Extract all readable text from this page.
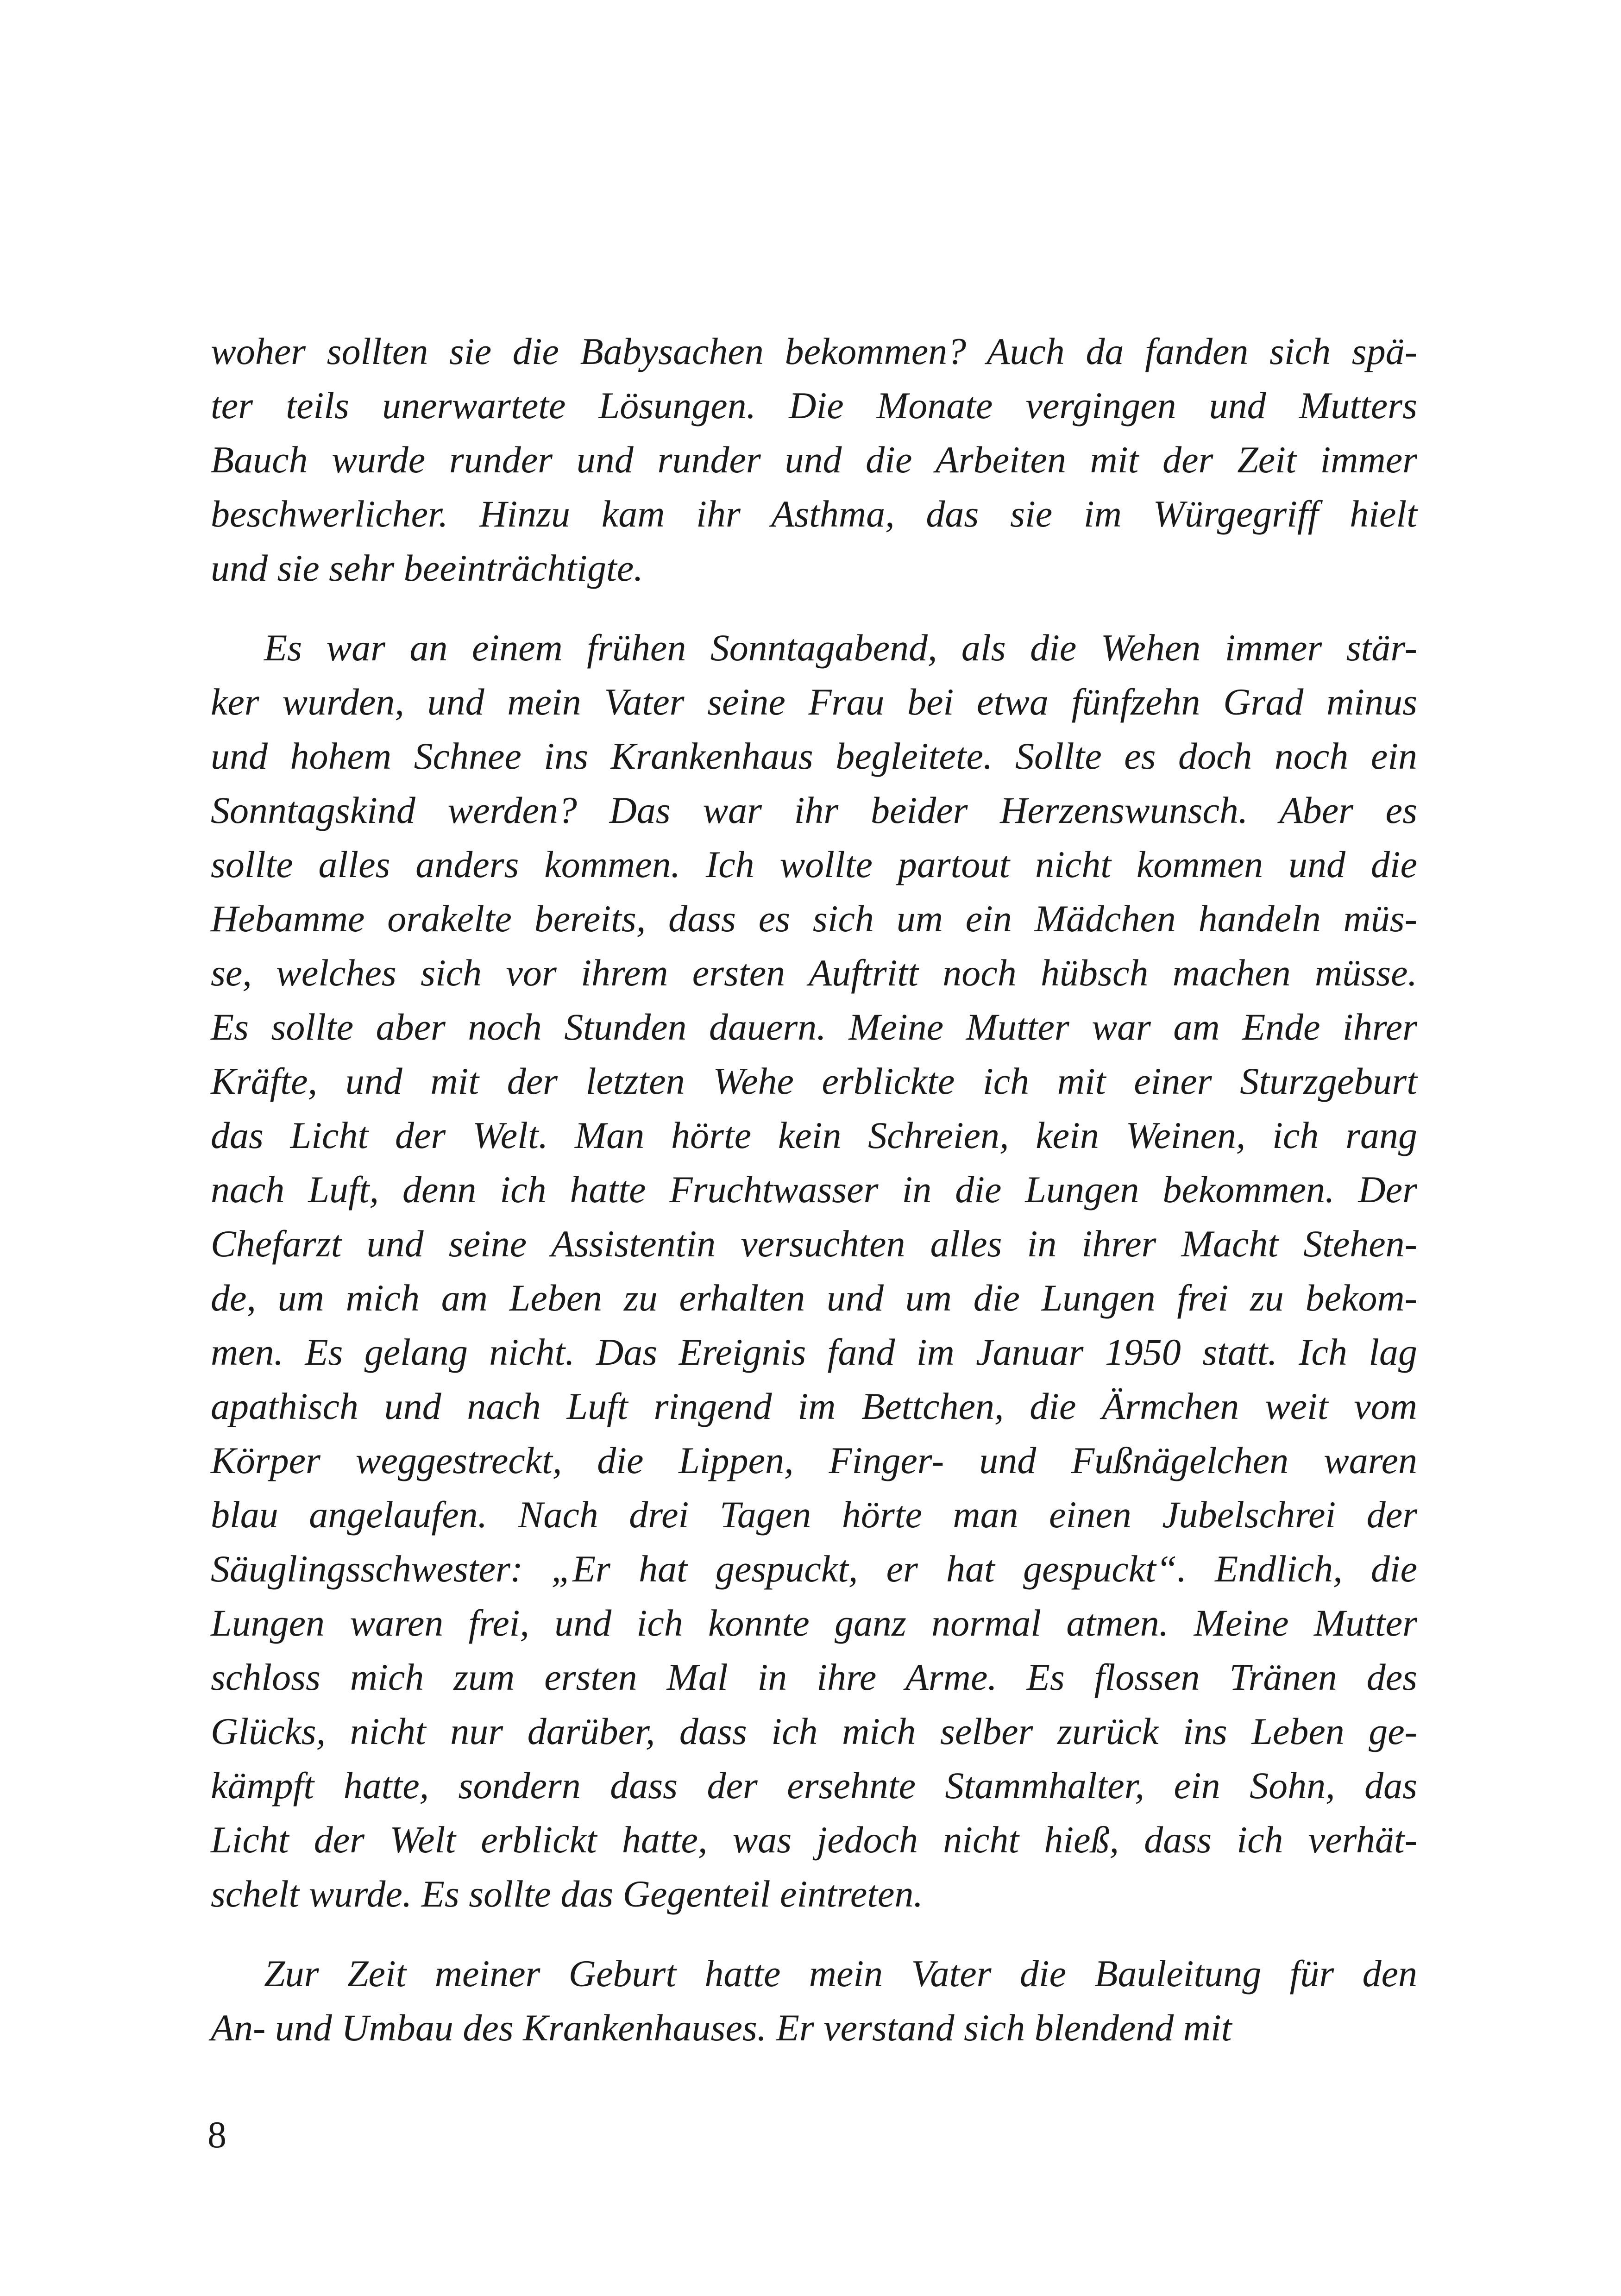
woher sollten sie die Babysachen bekommen? Auch da fanden sich spä-
ter teils unerwartete Lösungen. Die Monate vergingen und Mutters
Bauch wurde runder und runder und die Arbeiten mit der Zeit immer
beschwerlicher. Hinzu kam ihr Asthma, das sie im Würgegriff hielt
und sie sehr beeinträchtigte.
Es war an einem frühen Sonntagabend, als die Wehen immer stär-
ker wurden, und mein Vater seine Frau bei etwa fünfzehn Grad minus
und hohem Schnee ins Krankenhaus begleitete. Sollte es doch noch ein
Sonntagskind werden? Das war ihr beider Herzenswunsch. Aber es
sollte alles anders kommen. Ich wollte partout nicht kommen und die
Hebamme orakelte bereits, dass es sich um ein Mädchen handeln müs-
se, welches sich vor ihrem ersten Auftritt noch hübsch machen müsse.
Es sollte aber noch Stunden dauern. Meine Mutter war am Ende ihrer
Kräfte, und mit der letzten Wehe erblickte ich mit einer Sturzgeburt
das Licht der Welt. Man hörte kein Schreien, kein Weinen, ich rang
nach Luft, denn ich hatte Fruchtwasser in die Lungen bekommen. Der
Chefarzt und seine Assistentin versuchten alles in ihrer Macht Stehen-
de, um mich am Leben zu erhalten und um die Lungen frei zu bekom-
men. Es gelang nicht. Das Ereignis fand im Januar 1950 statt. Ich lag
apathisch und nach Luft ringend im Bettchen, die Ärmchen weit vom
Körper weggestreckt, die Lippen, Finger- und Fußnägelchen waren
blau angelaufen. Nach drei Tagen hörte man einen Jubelschrei der
Säuglingsschwester: „Er hat gespuckt, er hat gespuckt“. Endlich, die
Lungen waren frei, und ich konnte ganz normal atmen. Meine Mutter
schloss mich zum ersten Mal in ihre Arme. Es flossen Tränen des
Glücks, nicht nur darüber, dass ich mich selber zurück ins Leben ge-
kämpft hatte, sondern dass der ersehnte Stammhalter, ein Sohn, das
Licht der Welt erblickt hatte, was jedoch nicht hieß, dass ich verhät-
schelt wurde. Es sollte das Gegenteil eintreten.
Zur Zeit meiner Geburt hatte mein Vater die Bauleitung für den
An- und Umbau des Krankenhauses. Er verstand sich blendend mit
8
